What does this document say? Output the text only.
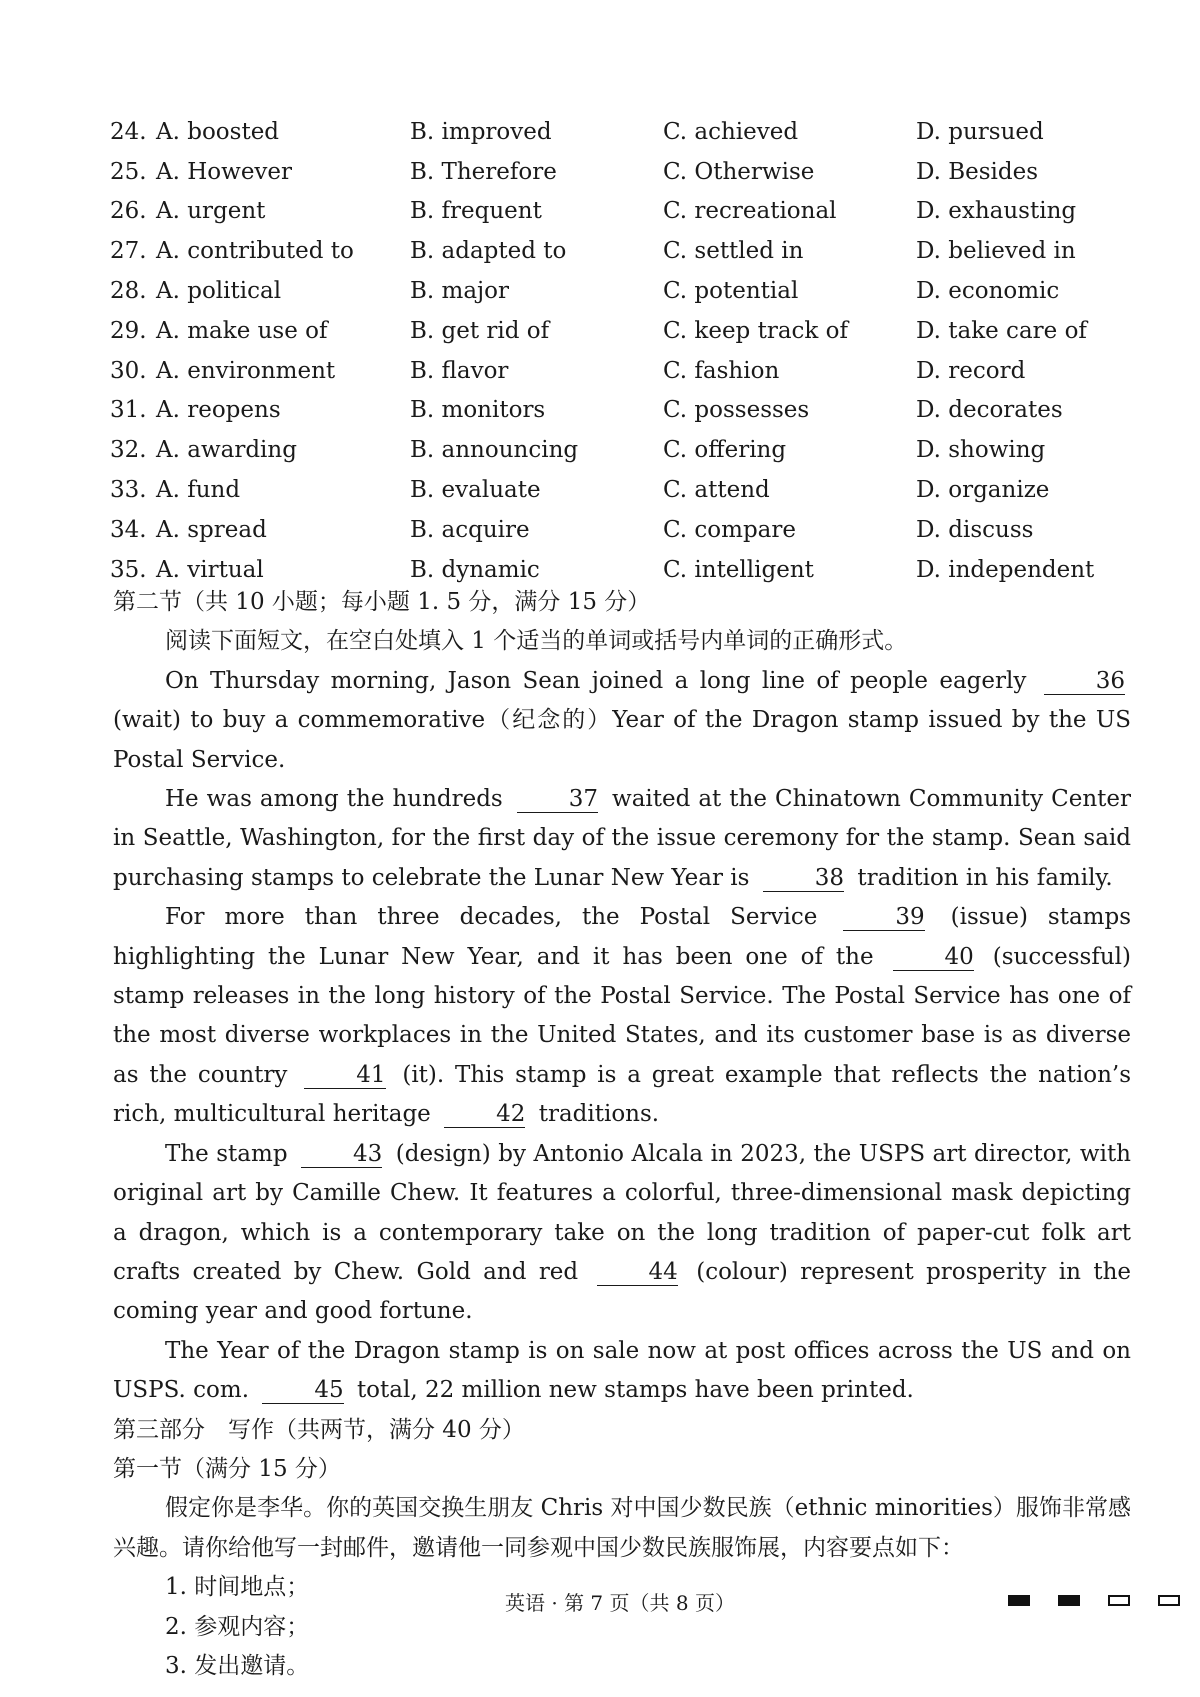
24. A. boosted	B. improved	C. achieved	D. pursued
25. A. However	B. Therefore	C. Otherwise	D. Besides
26. A. urgent	B. frequent	C. recreational	D. exhausting
27. A. contributed to	B. adapted to	C. settled in	D. believed in
28. A. political	B. major	C. potential	D. economic
29. A. make use of	B. get rid of	C. keep track of	D. take care of
30. A. environment	B. flavor	C. fashion	D. record
31. A. reopens	B. monitors	C. possesses	D. decorates
32. A. awarding	B. announcing	C. offering	D. showing
33. A. fund	B. evaluate	C. attend	D. organize
34. A. spread	B. acquire	C. compare	D. discuss
35. A. virtual	B. dynamic	C. intelligent	D. independent

第二节（共 10 小题；每小题 1. 5 分，满分 15 分）

阅读下面短文，在空白处填入 1 个适当的单词或括号内单词的正确形式。

On Thursday morning, Jason Sean joined a long line of people eagerly	36 (wait) to buy a commemorative（纪念的）Year of the Dragon stamp issued by the US Postal Service.

He was among the hundreds	37 waited at the Chinatown Community Center in Seattle, Washington, for the first day of the issue ceremony for the stamp. Sean said purchasing stamps to celebrate the Lunar New Year is	38 tradition in his family.

For more than three decades, the Postal Service	39 (issue) stamps highlighting the Lunar New Year, and it has been one of the	40 (successful) stamp releases in the long history of the Postal Service. The Postal Service has one of the most diverse workplaces in the United States, and its customer base is as diverse as the country	41 (it). This stamp is a great example that reflects the nation’s rich, multicultural heritage	42 traditions.

The stamp	43 (design) by Antonio Alcala in 2023, the USPS art director, with original art by Camille Chew. It features a colorful, three-dimensional mask depicting a dragon, which is a contemporary take on the long tradition of paper-cut folk art crafts created by Chew. Gold and red	44 (colour) represent prosperity in the coming year and good fortune.

The Year of the Dragon stamp is on sale now at post offices across the US and on USPS. com.	45 total, 22 million new stamps have been printed.

第三部分　写作（共两节，满分 40 分）

第一节（满分 15 分）

假定你是李华。你的英国交换生朋友 Chris 对中国少数民族（ethnic minorities）服饰非常感兴趣。请你给他写一封邮件，邀请他一同参观中国少数民族服饰展，内容要点如下：

1. 时间地点；

2. 参观内容；

3. 发出邀请。

英语 · 第 7 页（共 8 页）
